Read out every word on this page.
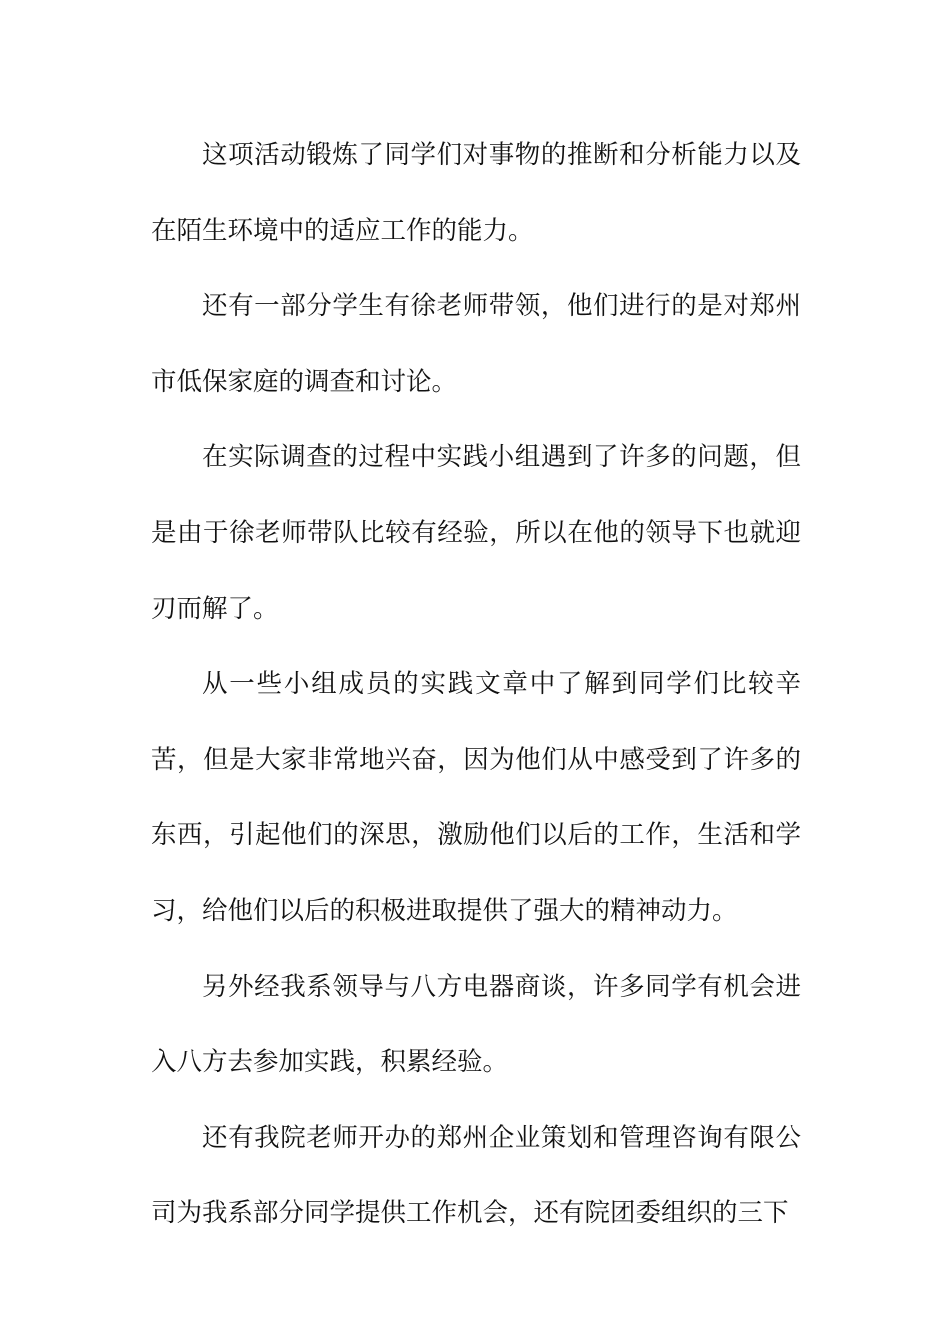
这项活动锻炼了同学们对事物的推断和分析能力以及在陌生环境中的适应工作的能力。

还有一部分学生有徐老师带领，他们进行的是对郑州市低保家庭的调查和讨论。

在实际调查的过程中实践小组遇到了许多的问题，但是由于徐老师带队比较有经验，所以在他的领导下也就迎刃而解了。

从一些小组成员的实践文章中了解到同学们比较辛苦，但是大家非常地兴奋，因为他们从中感受到了许多的东西，引起他们的深思，激励他们以后的工作，生活和学习，给他们以后的积极进取提供了强大的精神动力。

另外经我系领导与八方电器商谈，许多同学有机会进入八方去参加实践，积累经验。

还有我院老师开办的郑州企业策划和管理咨询有限公司为我系部分同学提供工作机会，还有院团委组织的三下
